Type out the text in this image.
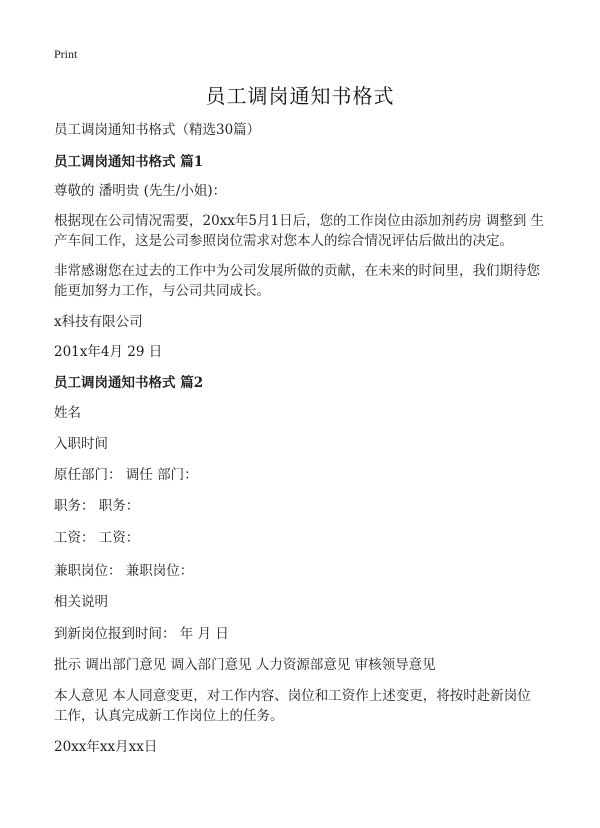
Print
员工调岗通知书格式
员工调岗通知书格式（精选30篇）
员工调岗通知书格式 篇1
尊敬的 潘明贵 (先生/小姐)：
根据现在公司情况需要，20xx年5月1日后，您的工作岗位由添加剂药房 调整到 生
产车间工作，这是公司参照岗位需求对您本人的综合情况评估后做出的决定。
非常感谢您在过去的工作中为公司发展所做的贡献，在未来的时间里，我们期待您
能更加努力工作，与公司共同成长。
x科技有限公司
201x年4月 29 日
员工调岗通知书格式 篇2
姓名
入职时间
原任部门： 调任 部门：
职务： 职务：
工资： 工资：
兼职岗位： 兼职岗位：
相关说明
到新岗位报到时间： 年 月 日
批示 调出部门意见 调入部门意见 人力资源部意见 审核领导意见
本人意见 本人同意变更，对工作内容、岗位和工资作上述变更，将按时赴新岗位
工作，认真完成新工作岗位上的任务。
20xx年xx月xx日
